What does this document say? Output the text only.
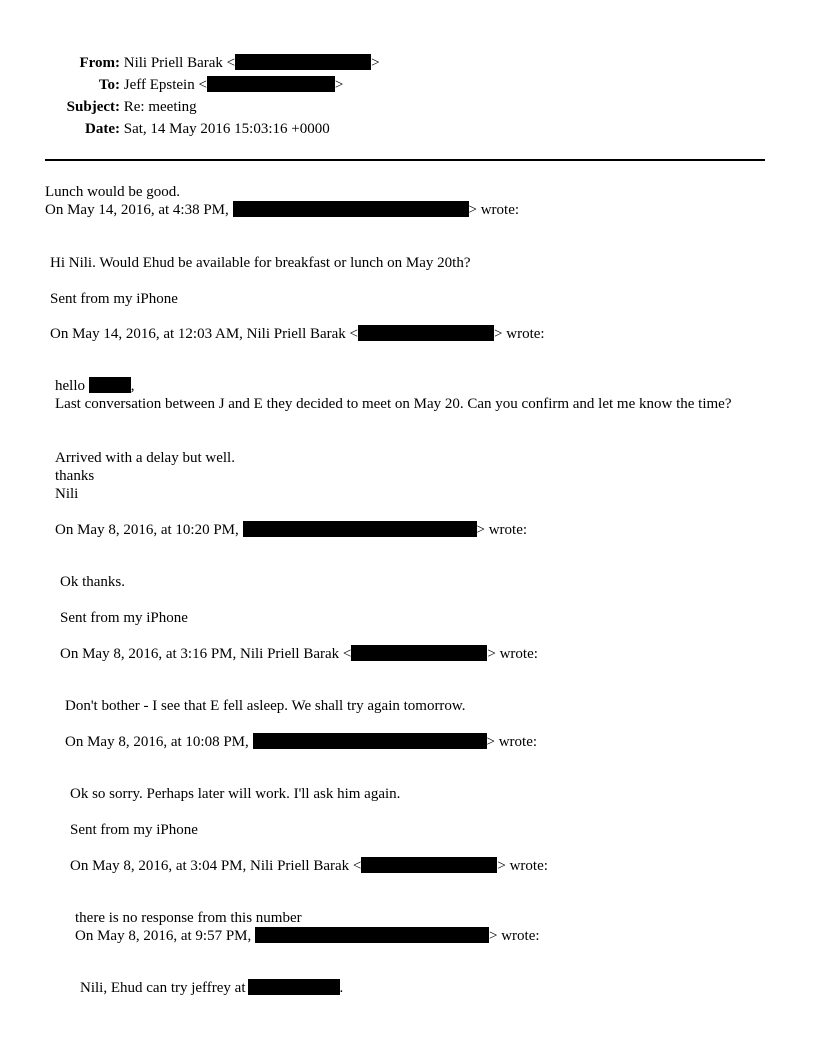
From: Nili Priell Barak <	>
To: Jeff Epstein <	>
Subject: Re: meeting
Date: Sat, 14 May 2016 15:03:16 +0000
Lunch would be good.
On May 14, 2016, at 4:38 PM,	> wrote:
Hi Nili. Would Ehud be available for breakfast or lunch on May 20th?
Sent from my iPhone
On May 14, 2016, at 12:03 AM, Nili Priell Barak <	> wrote:
hello	,
Last conversation between J and E they decided to meet on May 20. Can you confirm and let me know the time?
Arrived with a delay but well.
thanks
Nili
On May 8, 2016, at 10:20 PM,	> wrote:
Ok thanks.
Sent from my iPhone
On May 8, 2016, at 3:16 PM, Nili Priell Barak <	> wrote:
Don't bother - I see that E fell asleep. We shall try again tomorrow.
On May 8, 2016, at 10:08 PM,	> wrote:
Ok so sorry. Perhaps later will work. I'll ask him again.
Sent from my iPhone
On May 8, 2016, at 3:04 PM, Nili Priell Barak <	> wrote:
there is no response from this number
On May 8, 2016, at 9:57 PM,	> wrote:
Nili, Ehud can try jeffrey at	.
